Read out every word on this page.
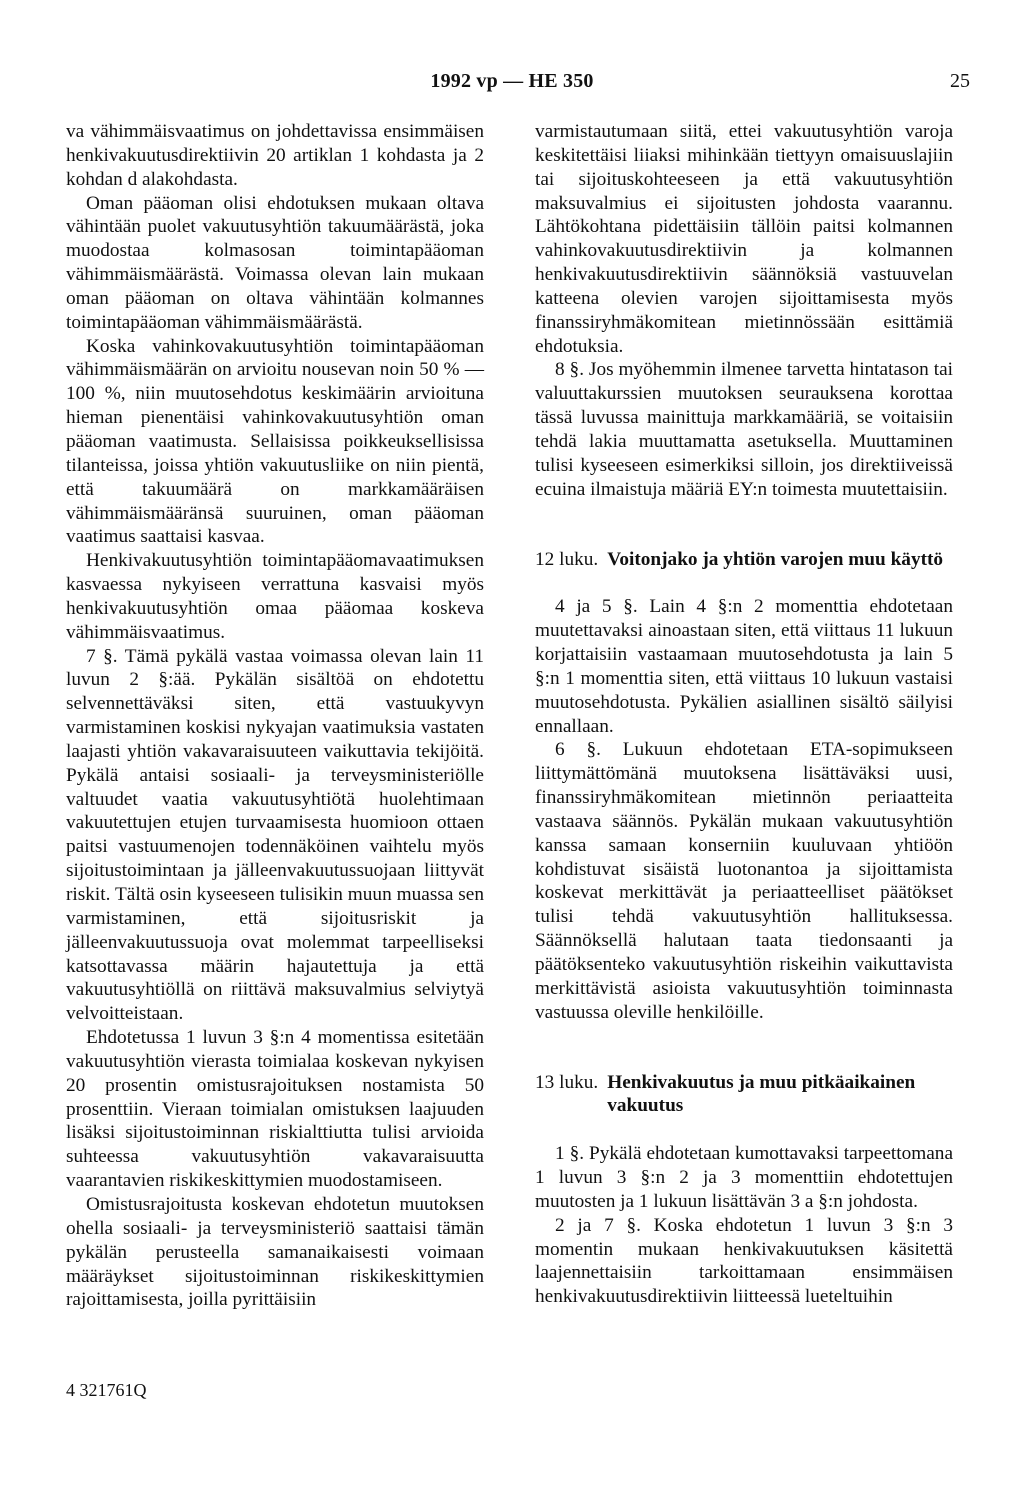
1992 vp — HE 350	25

va vähimmäisvaatimus on johdettavissa ensimmäisen henkivakuutusdirektiivin 20 artiklan 1 kohdasta ja 2 kohdan d alakohdasta.

Oman pääoman olisi ehdotuksen mukaan oltava vähintään puolet vakuutusyhtiön takuumäärästä, joka muodostaa kolmasosan toimintapääoman vähimmäismäärästä. Voimassa olevan lain mukaan oman pääoman on oltava vähintään kolmannes toimintapääoman vähimmäismäärästä.

Koska vahinkovakuutusyhtiön toimintapääoman vähimmäismäärän on arvioitu nousevan noin 50 % — 100 %, niin muutosehdotus keskimäärin arvioituna hieman pienentäisi vahinkovakuutusyhtiön oman pääoman vaatimusta. Sellaisissa poikkeuksellisissa tilanteissa, joissa yhtiön vakuutusliike on niin pientä, että takuumäärä on markkamääräisen vähimmäismääränsä suuruinen, oman pääoman vaatimus saattaisi kasvaa.

Henkivakuutusyhtiön toimintapääomavaatimuksen kasvaessa nykyiseen verrattuna kasvaisi myös henkivakuutusyhtiön omaa pääomaa koskeva vähimmäisvaatimus.

7 §. Tämä pykälä vastaa voimassa olevan lain 11 luvun 2 §:ää. Pykälän sisältöä on ehdotettu selvennettäväksi siten, että vastuukyvyn varmistaminen koskisi nykyajan vaatimuksia vastaten laajasti yhtiön vakavaraisuuteen vaikuttavia tekijöitä. Pykälä antaisi sosiaali- ja terveysministeriölle valtuudet vaatia vakuutusyhtiötä huolehtimaan vakuutettujen etujen turvaamisesta huomioon ottaen paitsi vastuumenojen todennäköinen vaihtelu myös sijoitustoimintaan ja jälleenvakuutussuojaan liittyvät riskit. Tältä osin kyseeseen tulisikin muun muassa sen varmistaminen, että sijoitusriskit ja jälleenvakuutussuoja ovat molemmat tarpeelliseksi katsottavassa määrin hajautettuja ja että vakuutusyhtiöllä on riittävä maksuvalmius selviytyä velvoitteistaan.

Ehdotetussa 1 luvun 3 §:n 4 momentissa esitetään vakuutusyhtiön vierasta toimialaa koskevan nykyisen 20 prosentin omistusrajoituksen nostamista 50 prosenttiin. Vieraan toimialan omistuksen laajuuden lisäksi sijoitustoiminnan riskialttiutta tulisi arvioida suhteessa vakuutusyhtiön vakavaraisuutta vaarantavien riskikeskittymien muodostamiseen.

Omistusrajoitusta koskevan ehdotetun muutoksen ohella sosiaali- ja terveysministeriö saattaisi tämän pykälän perusteella samanaikaisesti voimaan määräykset sijoitustoiminnan riskikeskittymien rajoittamisesta, joilla pyrittäisiin

varmistautumaan siitä, ettei vakuutusyhtiön varoja keskitettäisi liiaksi mihinkään tiettyyn omaisuuslajiin tai sijoituskohteeseen ja että vakuutusyhtiön maksuvalmius ei sijoitusten johdosta vaarannu. Lähtökohtana pidettäisiin tällöin paitsi kolmannen vahinkovakuutusdirektiivin ja kolmannen henkivakuutusdirektiivin säännöksiä vastuuvelan katteena olevien varojen sijoittamisesta myös finanssiryhmäkomitean mietinnössään esittämiä ehdotuksia.

8 §. Jos myöhemmin ilmenee tarvetta hintatason tai valuuttakurssien muutoksen seurauksena korottaa tässä luvussa mainittuja markkamääriä, se voitaisiin tehdä lakia muuttamatta asetuksella. Muuttaminen tulisi kyseeseen esimerkiksi silloin, jos direktiiveissä ecuina ilmaistuja määriä EY:n toimesta muutettaisiin.

12 luku. Voitonjako ja yhtiön varojen muu käyttö

4 ja 5 §. Lain 4 §:n 2 momenttia ehdotetaan muutettavaksi ainoastaan siten, että viittaus 11 lukuun korjattaisiin vastaamaan muutosehdotusta ja lain 5 §:n 1 momenttia siten, että viittaus 10 lukuun vastaisi muutosehdotusta. Pykälien asiallinen sisältö säilyisi ennallaan.

6 §. Lukuun ehdotetaan ETA-sopimukseen liittymättömänä muutoksena lisättäväksi uusi, finanssiryhmäkomitean mietinnön periaatteita vastaava säännös. Pykälän mukaan vakuutusyhtiön kanssa samaan konserniin kuuluvaan yhtiöön kohdistuvat sisäistä luotonantoa ja sijoittamista koskevat merkittävät ja periaatteelliset päätökset tulisi tehdä vakuutusyhtiön hallituksessa. Säännöksellä halutaan taata tiedonsaanti ja päätöksenteko vakuutusyhtiön riskeihin vaikuttavista merkittävistä asioista vakuutusyhtiön toiminnasta vastuussa oleville henkilöille.

13 luku. Henkivakuutus ja muu pitkäaikainen vakuutus

1 §. Pykälä ehdotetaan kumottavaksi tarpeettomana 1 luvun 3 §:n 2 ja 3 momenttiin ehdotettujen muutosten ja 1 lukuun lisättävän 3 a §:n johdosta.

2 ja 7 §. Koska ehdotetun 1 luvun 3 §:n 3 momentin mukaan henkivakuutuksen käsitettä laajennettaisiin tarkoittamaan ensimmäisen henkivakuutusdirektiivin liitteessä lueteltuihin

4 321761Q
